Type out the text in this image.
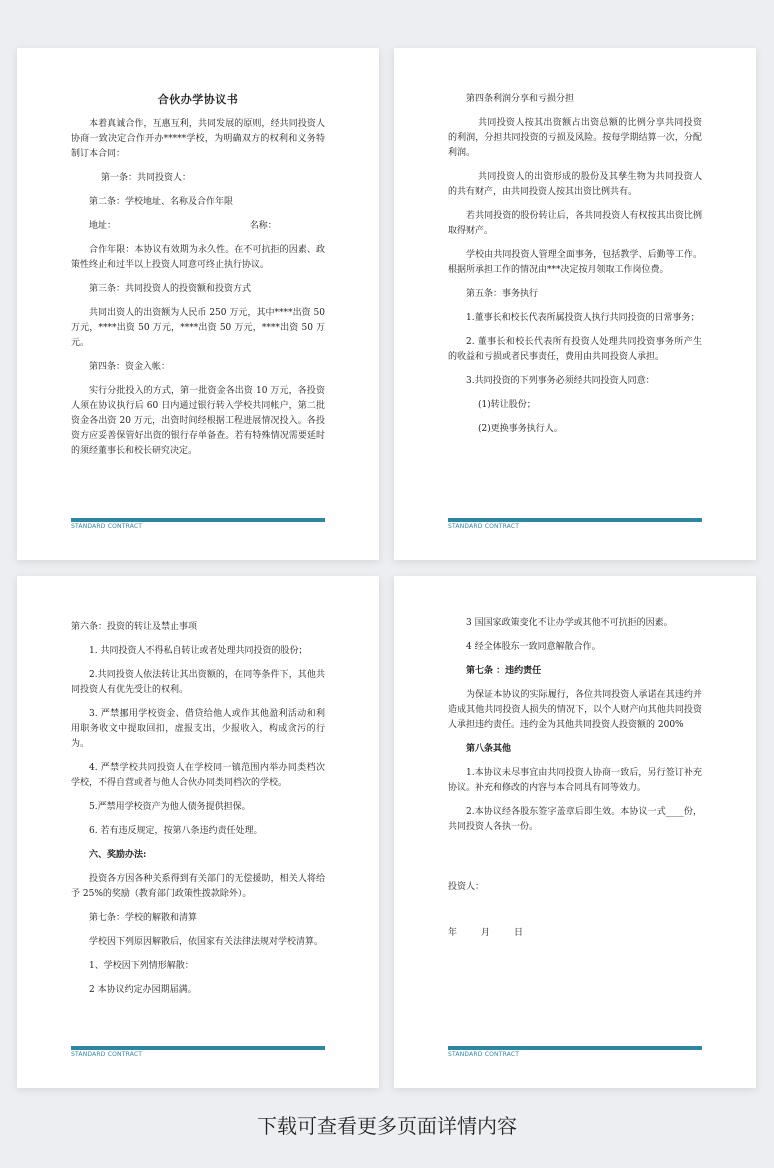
合伙办学协议书

本着真诚合作，互惠互利，共同发展的原则，经共同投资人协商一致决定合作开办*****学校，为明确双方的权利和义务特制订本合同：

第一条：共同投资人：

第二条：学校地址、名称及合作年限

地址：	名称：

合作年限：本协议有效期为永久性。在不可抗拒的因素、政策性终止和过半以上投资人同意可终止执行协议。

第三条：共同投资人的投资额和投资方式

共同出资人的出资额为人民币 250 万元，其中****出资 50 万元，****出资 50 万元，****出资 50 万元，****出资 50 万元。

第四条：资金入帐：

实行分批投入的方式，第一批资金各出资 10 万元，各投资人须在协议执行后 60 日内通过银行转入学校共同帐户，第二批资金各出资 20 万元，出资时间经根据工程进展情况投入。各投资方应妥善保管好出资的银行存单备查。若有特殊情况需要延时的须经董事长和校长研究决定。

STANDARD CONTRACT

第四条利润分享和亏损分担

共同投资人按其出资额占出资总额的比例分享共同投资的利润，分担共同投资的亏损及风险。按每学期结算一次，分配利润。

共同投资人的出资形成的股份及其孳生物为共同投资人的共有财产，由共同投资人按其出资比例共有。

若共同投资的股份转让后，各共同投资人有权按其出资比例取得财产。

学校由共同投资人管理全面事务，包括教学、后勤等工作。根据所承担工作的情况由***决定按月领取工作岗位费。

第五条：事务执行

1.董事长和校长代表所属投资人执行共同投资的日常事务；

2. 董事长和校长代表所有投资人处理共同投资事务所产生的收益和亏损或者民事责任，费用由共同投资人承担。

3.共同投资的下列事务必须经共同投资人同意：

(1)转让股份；

(2)更换事务执行人。

STANDARD CONTRACT

第六条：投资的转让及禁止事项

1. 共同投资人不得私自转让或者处理共同投资的股份；

2.共同投资人依法转让其出资额的，在同等条件下，其他共同投资人有优先受让的权利。

3. 严禁挪用学校资金、借贷给他人或作其他盈利活动和利用职务收文中提取回扣，虚报支出，少报收入，构成贪污的行为。

4. 严禁学校共同投资人在学校同一镇范围内举办同类档次学校，不得自营或者与他人合伙办同类同档次的学校。

5.严禁用学校资产为他人债务提供担保。

6. 若有违反规定，按第八条违约责任处理。

六、奖励办法:

投资各方因各种关系得到有关部门的无偿援助，相关人将给予 25%的奖励（教育部门政策性拨款除外）。

第七条：学校的解散和清算

学校因下列原因解散后，依国家有关法律法规对学校清算。

1、学校因下列情形解散：

2 本协议约定办园期届满。

STANDARD CONTRACT

3 国国家政策变化不让办学或其他不可抗拒的因素。

4 经全体股东一致同意解散合作。

第七条 ：违约责任

为保证本协议的实际履行，各位共同投资人承诺在其违约并造成其他共同投资人损失的情况下，以个人财产向其他共同投资人承担违约责任。违约金为其他共同投资人投资额的 200%

第八条其他

1.本协议未尽事宜由共同投资人协商一致后，另行签订补充协议。补充和修改的内容与本合同具有同等效力。

2.本协议经各股东签字盖章后即生效。本协议一式____份，共同投资人各执一份。

投资人：

年　　月　　日

STANDARD CONTRACT
下载可查看更多页面详情内容
